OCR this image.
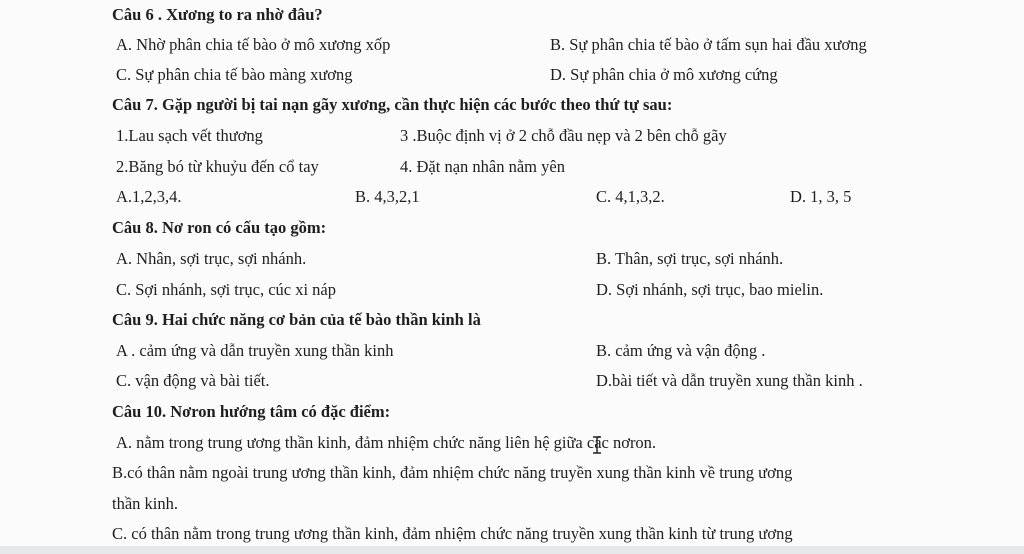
Câu 6 . Xương to ra nhờ đâu?
A. Nhờ phân chia tế bào ở mô xương xốp	B. Sự phân chia tế bào ở tấm sụn hai đầu xương
C. Sự phân chia tế bào màng xương	D. Sự phân chia ở mô xương cứng
Câu 7. Gặp người bị tai nạn gãy xương, cần thực hiện các bước theo thứ tự sau:
1.Lau sạch vết thương	3 .Buộc định vị ở 2 chỗ đầu nẹp và 2 bên chỗ gãy
2.Băng bó từ khuỷu đến cổ tay	4. Đặt nạn nhân nằm yên
A.1,2,3,4.	B. 4,3,2,1	C. 4,1,3,2.	D. 1, 3, 5
Câu 8. Nơ ron có cấu tạo gồm:
A. Nhân, sợi trục, sợi nhánh.	B. Thân, sợi trục, sợi nhánh.
C. Sợi nhánh, sợi trục, cúc xi náp	D. Sợi nhánh, sợi trục, bao mielin.
Câu 9. Hai chức năng cơ bản của tế bào thần kinh là
A . cảm ứng và dẫn truyền xung thần kinh	B. cảm ứng và vận động .
C. vận động và bài tiết.	D.bài tiết và dẫn truyền xung thần kinh .
Câu 10. Nơron hướng tâm có đặc điểm:
A. nằm trong trung ương thần kinh, đảm nhiệm chức năng liên hệ giữa các nơron.
B.có thân nằm ngoài trung ương thần kinh, đảm nhiệm chức năng truyền xung thần kinh về trung ương
thần kinh.
C. có thân nằm trong trung ương thần kinh, đảm nhiệm chức năng truyền xung thần kinh từ trung ương
